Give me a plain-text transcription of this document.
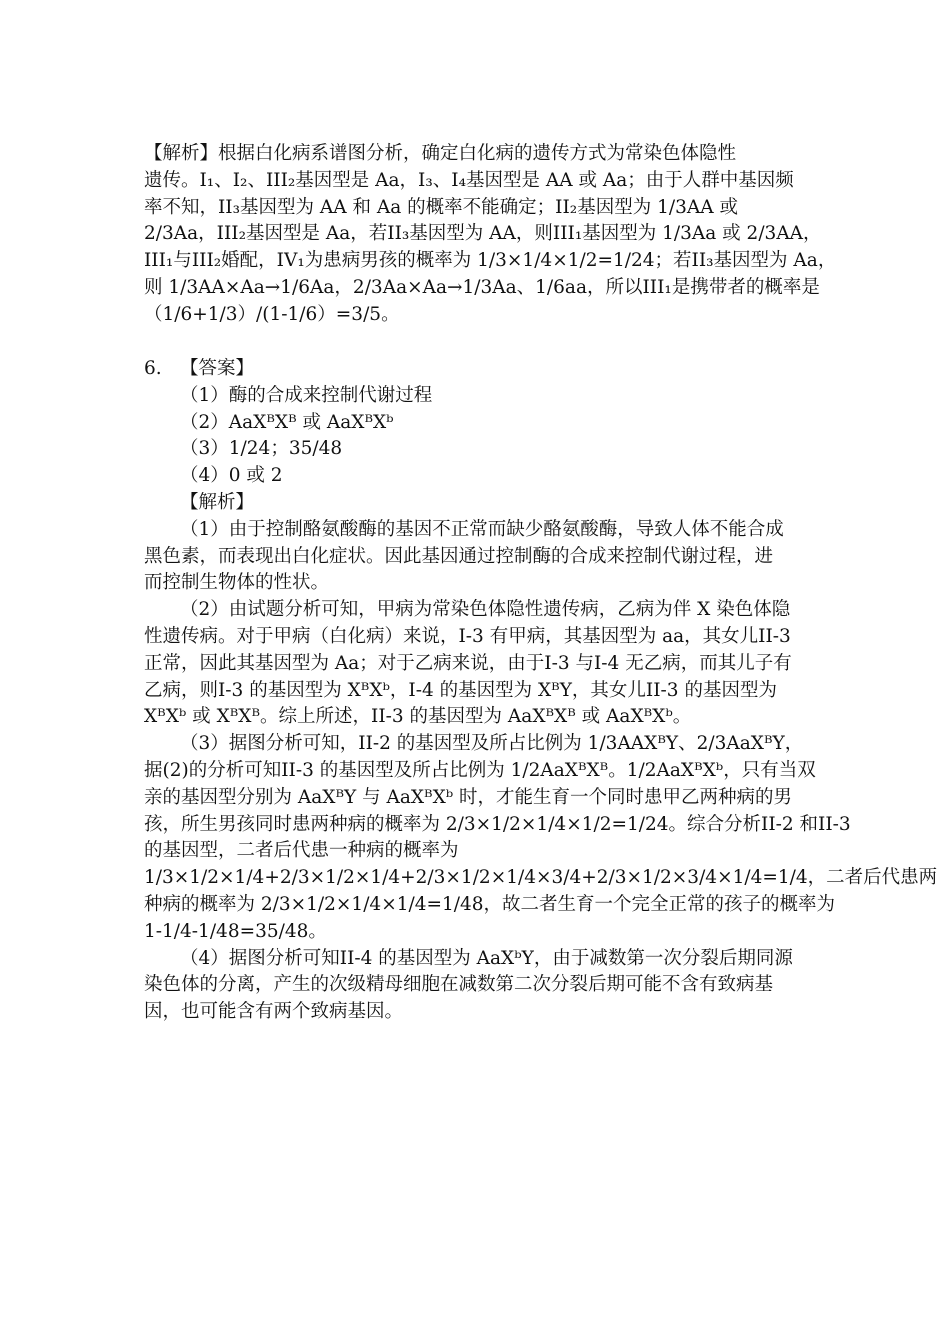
【解析】根据白化病系谱图分析，确定白化病的遗传方式为常染色体隐性
遗传。I₁、I₂、III₂基因型是 Aa，I₃、I₄基因型是 AA 或 Aa；由于人群中基因频
率不知，II₃基因型为 AA 和 Aa 的概率不能确定；II₂基因型为 1/3AA 或
2/3Aa，III₂基因型是 Aa，若II₃基因型为 AA，则III₁基因型为 1/3Aa 或 2/3AA，
III₁与III₂婚配，IV₁为患病男孩的概率为 1/3×1/4×1/2=1/24；若II₃基因型为 Aa，
则 1/3AA×Aa→1/6Aa，2/3Aa×Aa→1/3Aa、1/6aa，所以III₁是携带者的概率是
（1/6+1/3）/(1-1/6）=3/5。
6. 【答案】
（1）酶的合成来控制代谢过程
（2）AaXᴮXᴮ 或 AaXᴮXᵇ
（3）1/24；35/48
（4）0 或 2
【解析】
（1）由于控制酪氨酸酶的基因不正常而缺少酪氨酸酶，导致人体不能合成
黑色素，而表现出白化症状。因此基因通过控制酶的合成来控制代谢过程，进
而控制生物体的性状。
（2）由试题分析可知，甲病为常染色体隐性遗传病，乙病为伴 X 染色体隐
性遗传病。对于甲病（白化病）来说，I-3 有甲病，其基因型为 aa，其女儿II-3
正常，因此其基因型为 Aa；对于乙病来说，由于I-3 与I-4 无乙病，而其儿子有
乙病，则I-3 的基因型为 XᴮXᵇ，I-4 的基因型为 XᴮY，其女儿II-3 的基因型为
XᴮXᵇ 或 XᴮXᴮ。综上所述，II-3 的基因型为 AaXᴮXᴮ 或 AaXᴮXᵇ。
（3）据图分析可知，II-2 的基因型及所占比例为 1/3AAXᴮY、2/3AaXᴮY，
据(2)的分析可知II-3 的基因型及所占比例为 1/2AaXᴮXᴮ。1/2AaXᴮXᵇ，只有当双
亲的基因型分别为 AaXᴮY 与 AaXᴮXᵇ 时，才能生育一个同时患甲乙两种病的男
孩，所生男孩同时患两种病的概率为 2/3×1/2×1/4×1/2=1/24。综合分析II-2 和II-3
的基因型，二者后代患一种病的概率为
1/3×1/2×1/4+2/3×1/2×1/4+2/3×1/2×1/4×3/4+2/3×1/2×3/4×1/4=1/4，二者后代患两
种病的概率为 2/3×1/2×1/4×1/4=1/48，故二者生育一个完全正常的孩子的概率为
1-1/4-1/48=35/48。
（4）据图分析可知II-4 的基因型为 AaXᵇY，由于减数第一次分裂后期同源
染色体的分离，产生的次级精母细胞在减数第二次分裂后期可能不含有致病基
因，也可能含有两个致病基因。
